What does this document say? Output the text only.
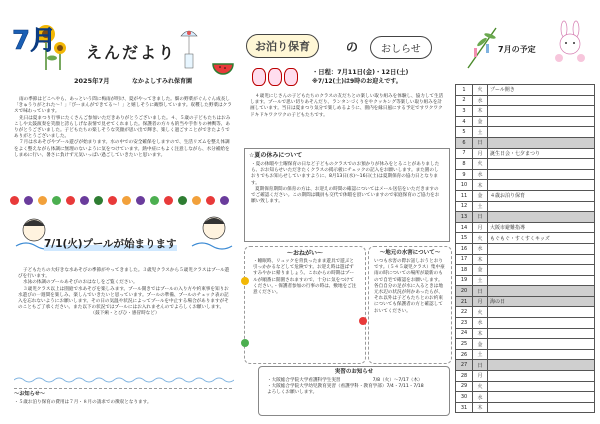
7月 えんだより
2025年7月	なかよしすみれ保育園
雨の季節はどこへやら、あっという間に梅雨が明け、夏がやってきました。畑の野菜がぐんぐん成長し「きゅうりがとれた〜！」「ぴーまんができてる〜！」と嬉しそうに観察しています。収穫した野菜はクラスで味わっています。
先日は夏まつり行事にたくさんご参加いただきありがとうございました。４、５歳の子どもたちはおみこしや太鼓演奏を笑顔と誇らしげな表情で見せてくれました。保護者の方々も的当や手作りの神輿等、ありがとうございました。子どもたちの楽しそうな笑顔が思い出で輝き、楽しく過ごすことができたようでありがとうございました。
７月は水あそびやプール遊びが始まります。水の中での安全確保をしますので、生活リズムを整え体調をよく整えながら体調に無理のないように気をつけています。熱中症にもよく注意しながら、水分補給をしまめに行い、暑さに負けず元気いっぱい過ごしていきたいと思います。
7/1(火)プールが始まります
子どもたちの大好きな水あそびの季節がやってきました。３歳児クラスから５歳児クラスはプール遊びを行います。
水泳の体調のプールあそびのおはなしをご覧ください。
３歳児クラス以上は園庭で水あそびを楽しみます。プール開きではプールの入り方や約束事を知りお水遊びの一週間を楽しみ、楽しんでいきたいと思っています。プールの準備、プールのチェック表の記入を忘れないようにお願いします。その日の気温や状況によってプールを中止する場合がありますがそのこともご了承ください。また以下の状況ではプールにはお入れませんのでよろしくお願いします。
（鼓下痢・とびひ・感冒時など）
〜お知らせ〜
・５歳お泊り保育の費用は７月・８月の請求での徴収となります。
お泊り保育	の	おしらせ
・日程：7月11日(金)・12日(土)
※7/12(土)は9時のお迎えです。
４歳児にじさんの子どもたちのクラスの友だちとの楽しい取り組みを体験し、協力して生活します。プールで思い切りあそんだり、ランタンづくりをやクッキング等楽しい取り組みを計画しています。当日は夏まつり気分で楽しめるように、園内を縁日風にする予定ですワクワクドキドキワクワクの子どもたちです。
☆夏の休みについて
・夏の休暇や土曜保育の日など子どものクラスでのお預かりが休みをとることがありましたら、おお知らせいただきたくクラスの掲示板にチェックの記入をお願いします。また園のしおりでもお知らせしていますように、8月13日(水)〜16日(土)は夏期保育の協力日となります。
夏期保育期間の保育の方は、お迎えの時間の確認についてはメール送信をいただきますのでご確認ください。この期間は職員も交代で休暇を頂いていますので家庭保育のご協力をお願い致します。
〜おねがい〜
・睡眠時、リュックを背負ったまま遊具で遊ぶと引っかかるなどして危険です。お迎え時は遊ばずすみやかに帰りましょう。これからの時期はプールが順番に開園されますので、十分に気をつけてください。・保護者参加の行事の時は、敷地をご注意ください。
〜地元の水害について〜
いつも水害の際お話しおうとおりです。（５４５歳児クラス）集中豪雨の時についての場所が最新のもので自宅で確認をお願いします。各自自分の足が水に入るときは地元水辺の状況が何かあったらが、それ以外は子どもたちとのお約束についても保護者の方と確認しておいてください。
実習のお知らせ
・大阪総合学院大学看護科学生実習　　　　　　　7/8（火）〜7/17（木）
・大阪総合学院大学幼児教育実習（看護学科・教育学部）7/4・7/11・7/18
よろしくお願いします。
7月の予定
1	火	プール開き
2	水	
3	木	
4	金	
5	土	
6	日	
7	月	誕生日会・七夕まつり
8	火	
9	水	
10	木	
11	金	４歳お泊り保育
12	土	
13	日	
14	月	大阪市避難指導
15	火	もぐもぐ・すくすくキッズ
16	水	
17	木	
18	金	
19	土	
20	日	
21	月	海の日
22	火	
23	水	
24	木	
25	金	
26	土	
27	日	
28	月	
29	火	
30	水	
31	木	
